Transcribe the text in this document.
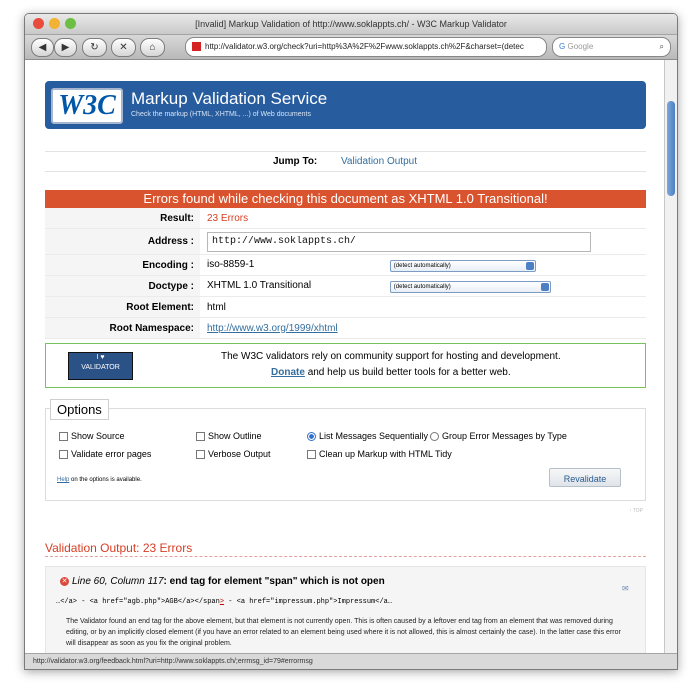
[Invalid] Markup Validation of http://www.soklappts.ch/ - W3C Markup Validator
◀	▶	↻	✕	⌂	http://validator.w3.org/check?uri=http%3A%2F%2Fwww.soklappts.ch%2F&charset=(detec	G Google	⌕
W3C Markup Validation Service
Check the markup (HTML, XHTML, ...) of Web documents
Jump To: Validation Output
Errors found while checking this document as XHTML 1.0 Transitional!
Result:	23 Errors
Address :	http://www.soklappts.ch/
Encoding :	iso-8859-1 (detect automatically)
Doctype :	XHTML 1.0 Transitional (detect automatically)
Root Element:	html
Root Namespace:	http://www.w3.org/1999/xhtml
I ♥
VALIDATOR
The W3C validators rely on community support for hosting and development.
Donate and help us build better tools for a better web.
Options
Show Source	Show Outline	List Messages Sequentially Group Error Messages by Type
Validate error pages	Verbose Output	Clean up Markup with HTML Tidy
Help on the options is available.	Revalidate
↑ TOP
Validation Output: 23 Errors
✕ Line 60, Column 117: end tag for element "span" which is not open
✉
…</a> - <a href="agb.php">AGB</a></span> - <a href="impressum.php">Impressum</a…
The Validator found an end tag for the above element, but that element is not currently open. This is often caused by a leftover end tag from an element that was removed during editing, or by an implicitly closed element (if you have an error related to an element being used where it is not allowed, this is almost certainly the case). In the latter case this error will disappear as soon as you fix the original problem.
http://validator.w3.org/feedback.html?uri=http://www.soklappts.ch/;errmsg_id=79#errormsg
